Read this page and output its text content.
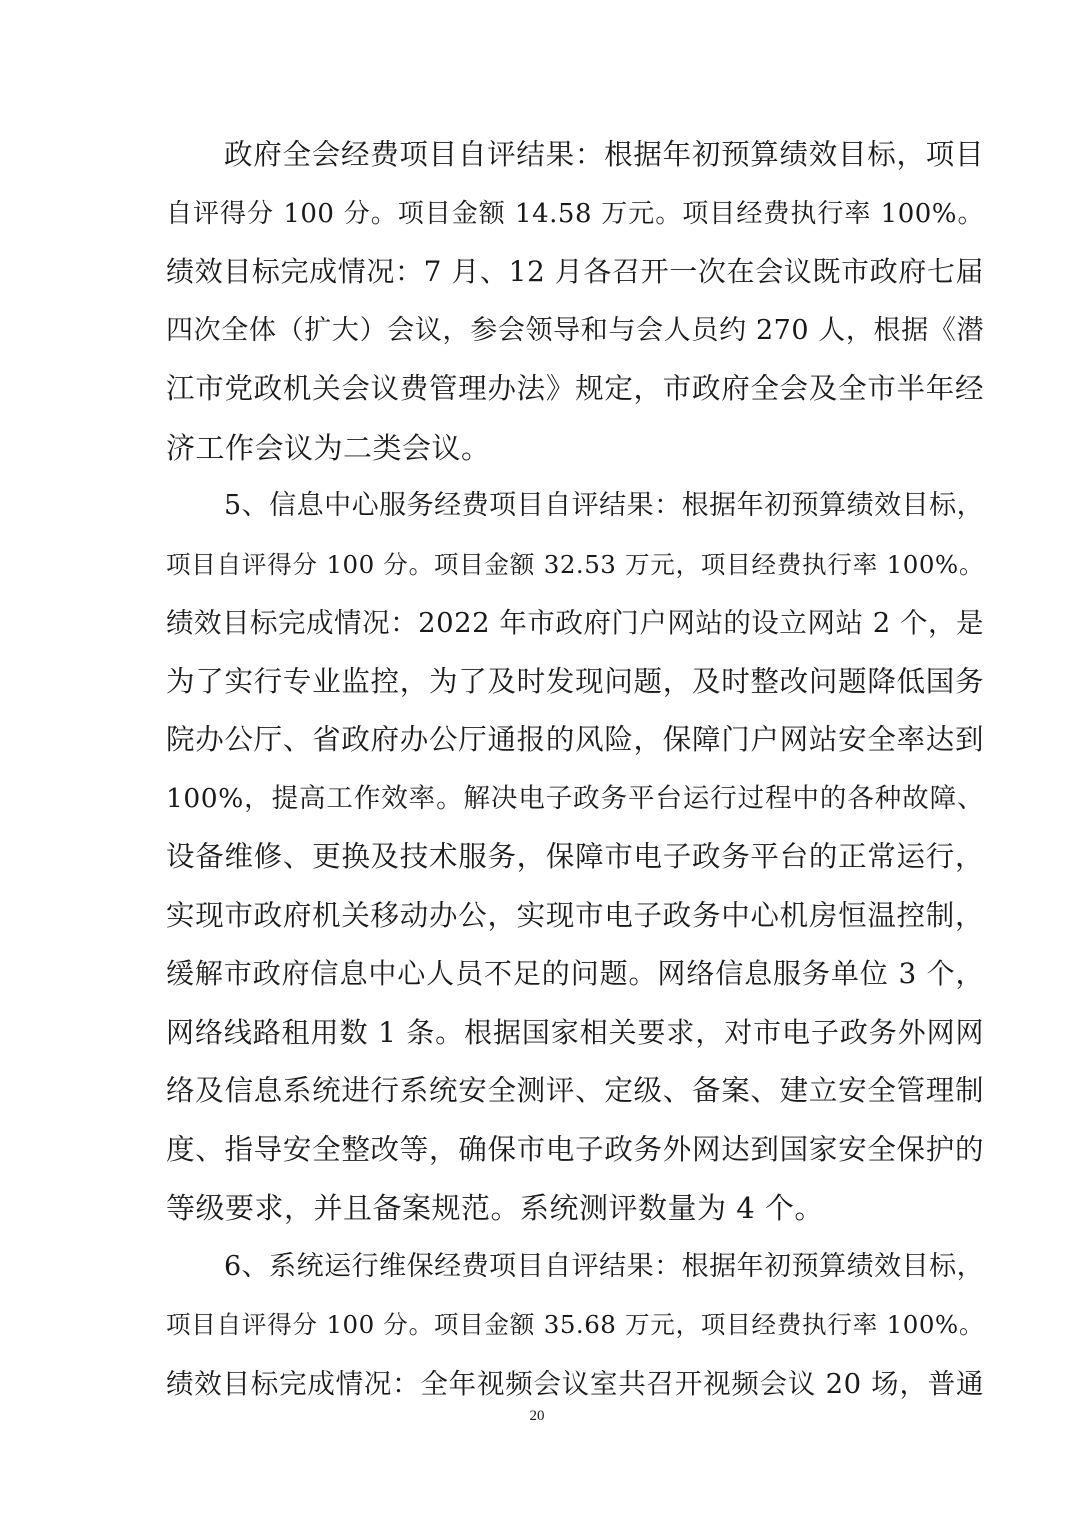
政府全会经费项目自评结果：根据年初预算绩效目标，项目
自评得分 100 分。项目金额 14.58 万元。项目经费执行率 100%。
绩效目标完成情况：7 月、12 月各召开一次在会议既市政府七届
四次全体（扩大）会议，参会领导和与会人员约 270 人，根据《潜
江市党政机关会议费管理办法》规定，市政府全会及全市半年经
济工作会议为二类会议。
5、信息中心服务经费项目自评结果：根据年初预算绩效目标，
项目自评得分 100 分。项目金额 32.53 万元，项目经费执行率 100%。
绩效目标完成情况：2022 年市政府门户网站的设立网站 2 个，是
为了实行专业监控，为了及时发现问题，及时整改问题降低国务
院办公厅、省政府办公厅通报的风险，保障门户网站安全率达到
100%，提高工作效率。解决电子政务平台运行过程中的各种故障、
设备维修、更换及技术服务，保障市电子政务平台的正常运行，
实现市政府机关移动办公，实现市电子政务中心机房恒温控制，
缓解市政府信息中心人员不足的问题。网络信息服务单位 3 个，
网络线路租用数 1 条。根据国家相关要求，对市电子政务外网网
络及信息系统进行系统安全测评、定级、备案、建立安全管理制
度、指导安全整改等，确保市电子政务外网达到国家安全保护的
等级要求，并且备案规范。系统测评数量为 4 个。
6、系统运行维保经费项目自评结果：根据年初预算绩效目标，
项目自评得分 100 分。项目金额 35.68 万元，项目经费执行率 100%。
绩效目标完成情况：全年视频会议室共召开视频会议 20 场，普通
20
